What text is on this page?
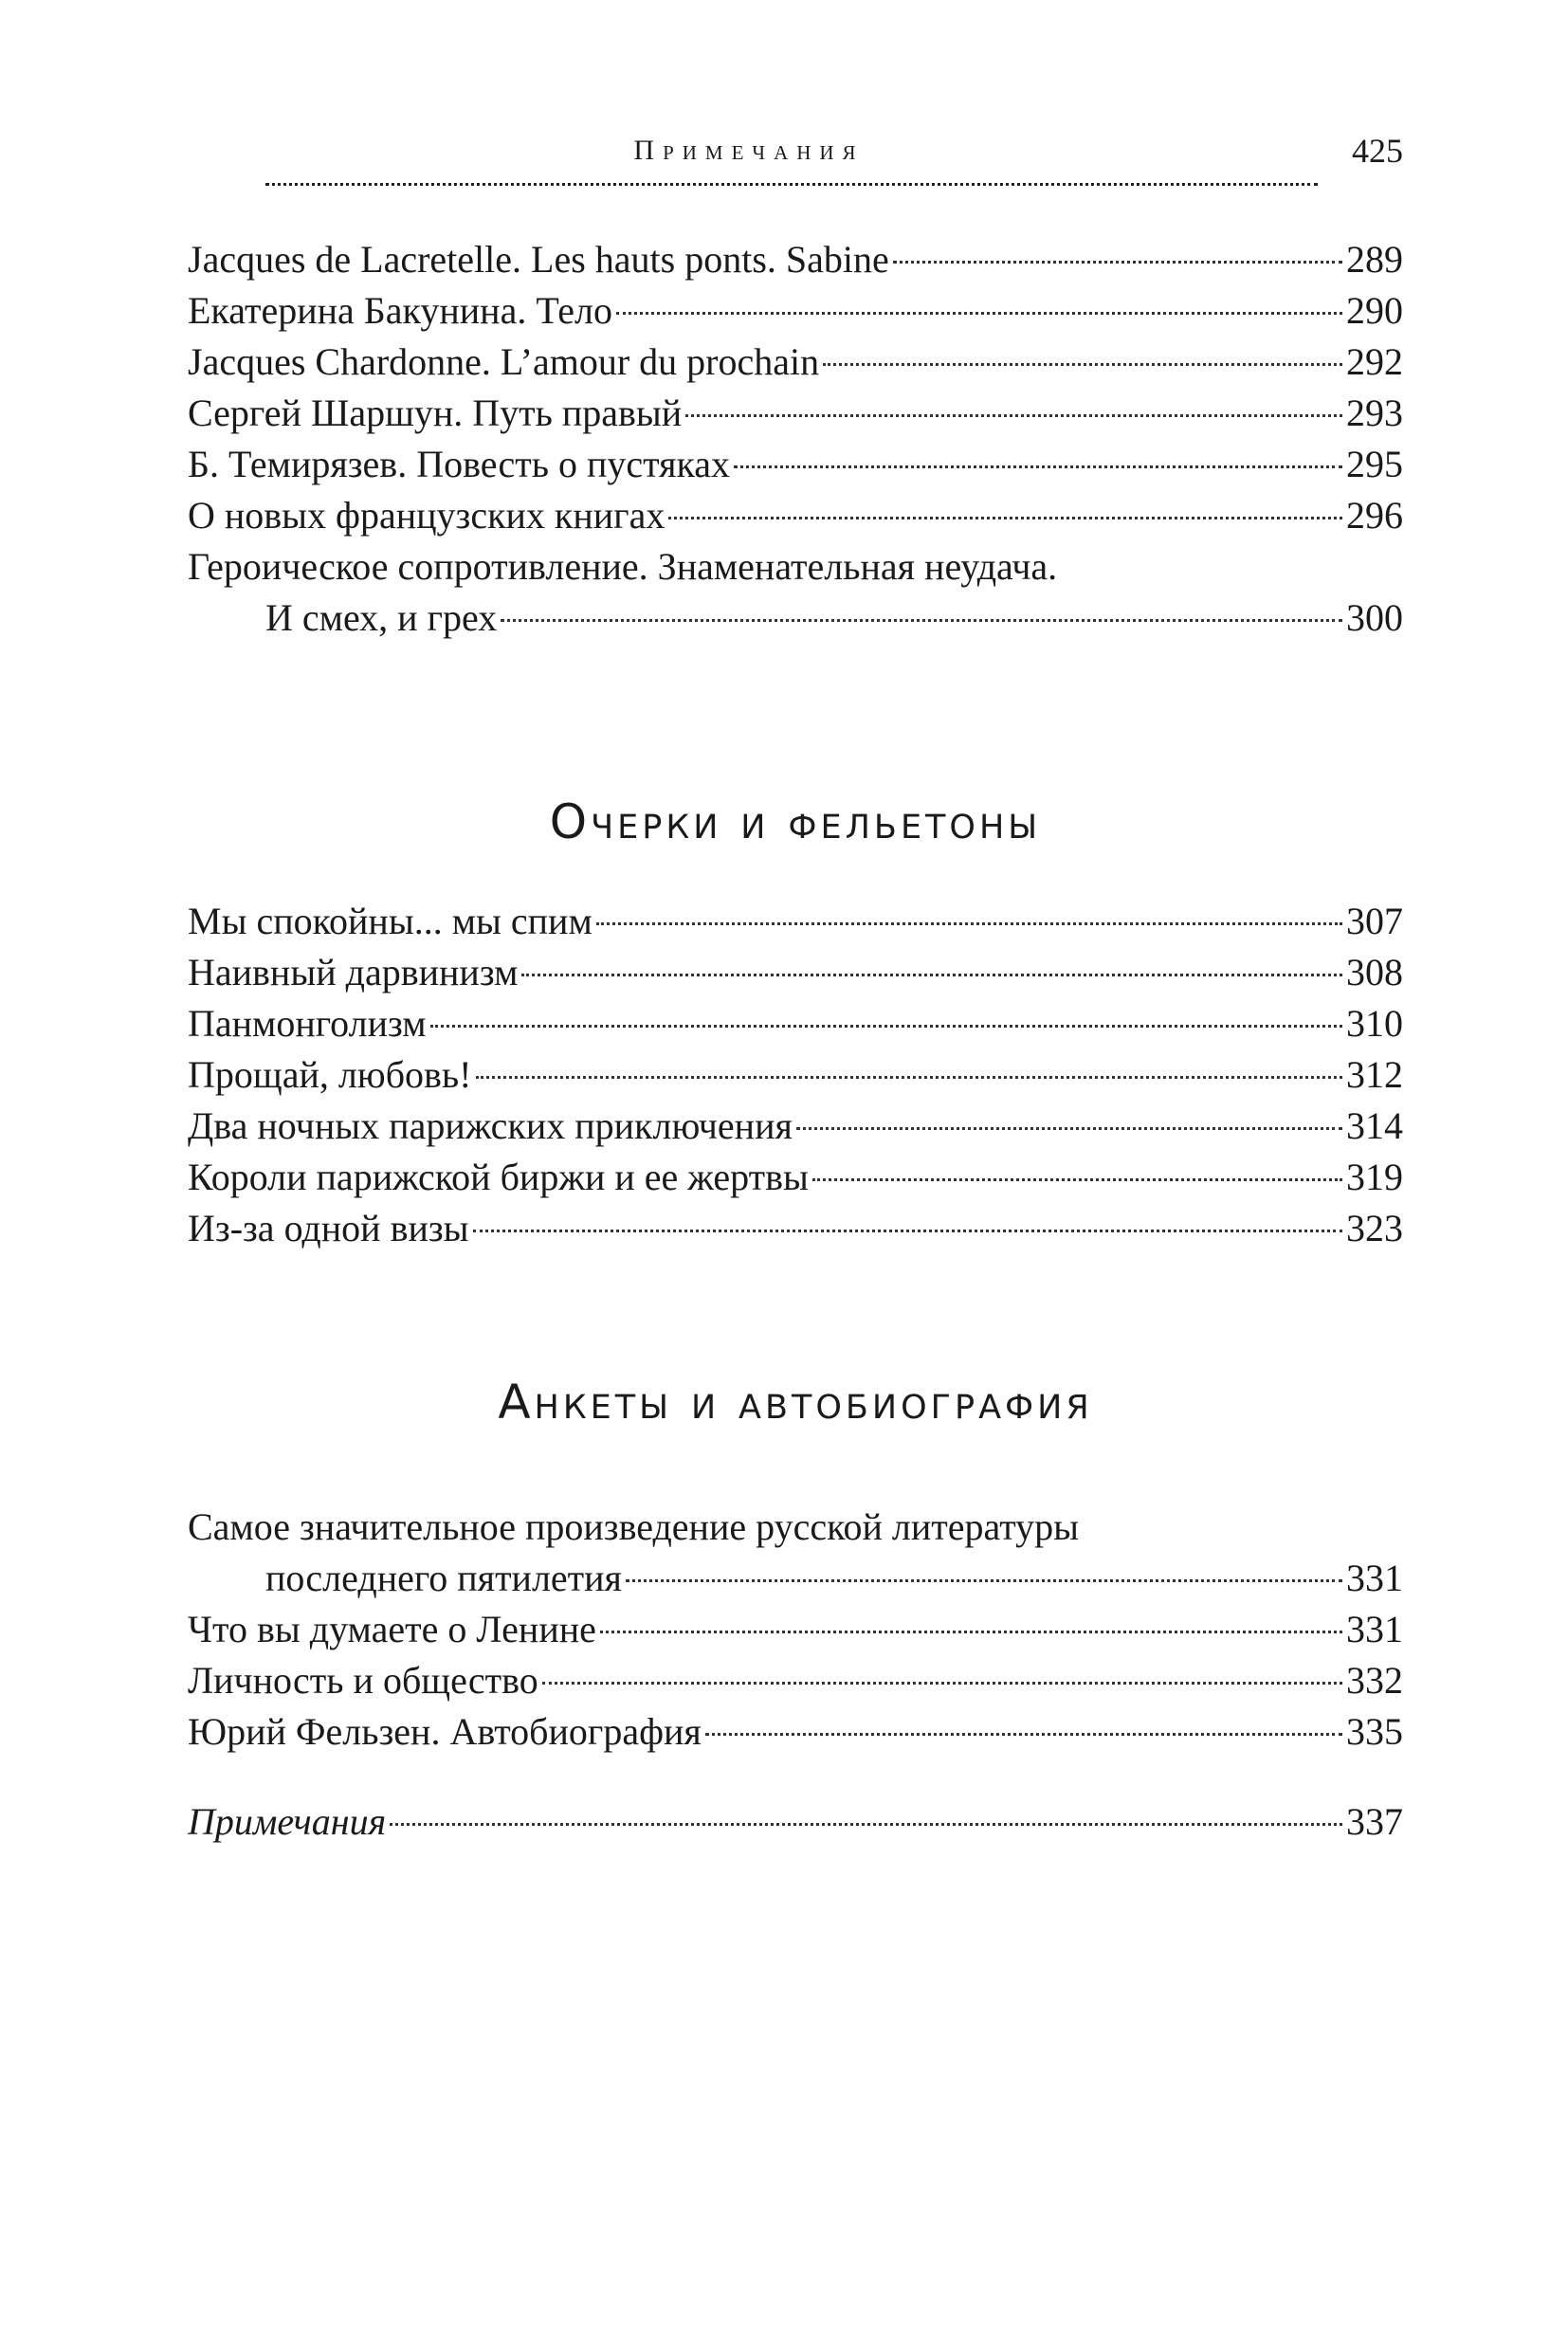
Примечания	425
Jacques de Lacretelle. Les hauts ponts. Sabine	289
Екатерина Бакунина. Тело	290
Jacques Chardonne. L’amour du prochain	292
Сергей Шаршун. Путь правый	293
Б. Темирязев. Повесть о пустяках	295
О новых французских книгах	296
Героическое сопротивление. Знаменательная неудача.
И смех, и грех	300
Очерки и фельетоны
Мы спокойны... мы спим	307
Наивный дарвинизм	308
Панмонголизм	310
Прощай, любовь!	312
Два ночных парижских приключения	314
Короли парижской биржи и ее жертвы	319
Из-за одной визы	323
Анкеты и автобиография
Самое значительное произведение русской литературы
последнего пятилетия	331
Что вы думаете о Ленине	331
Личность и общество	332
Юрий Фельзен. Автобиография	335
Примечания	337
